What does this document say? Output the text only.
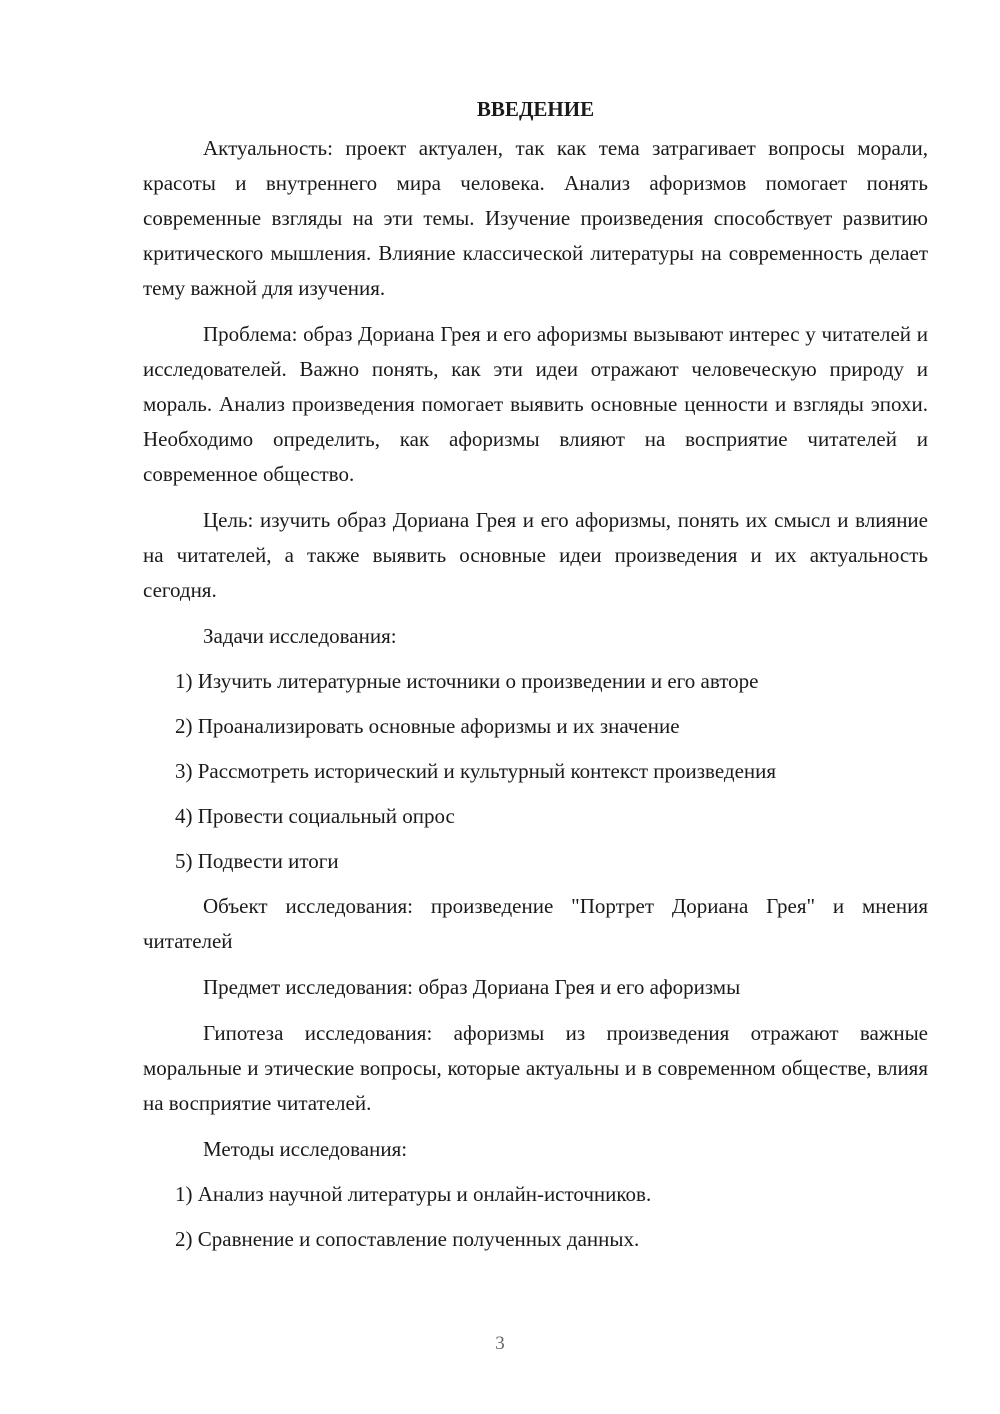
ВВЕДЕНИЕ

Актуальность: проект актуален, так как тема затрагивает вопросы морали, красоты и внутреннего мира человека. Анализ афоризмов помогает понять современные взгляды на эти темы. Изучение произведения способствует развитию критического мышления. Влияние классической литературы на современность делает тему важной для изучения.

Проблема: образ Дориана Грея и его афоризмы вызывают интерес у читателей и исследователей. Важно понять, как эти идеи отражают человеческую природу и мораль. Анализ произведения помогает выявить основные ценности и взгляды эпохи. Необходимо определить, как афоризмы влияют на восприятие читателей и современное общество.

Цель: изучить образ Дориана Грея и его афоризмы, понять их смысл и влияние на читателей, а также выявить основные идеи произведения и их актуальность сегодня.

Задачи исследования:

1) Изучить литературные источники о произведении и его авторе
2) Проанализировать основные афоризмы и их значение
3) Рассмотреть исторический и культурный контекст произведения
4) Провести социальный опрос
5) Подвести итоги

Объект исследования: произведение "Портрет Дориана Грея" и мнения читателей

Предмет исследования: образ Дориана Грея и его афоризмы

Гипотеза исследования: афоризмы из произведения отражают важные моральные и этические вопросы, которые актуальны и в современном обществе, влияя на восприятие читателей.

Методы исследования:

1) Анализ научной литературы и онлайн-источников.
2) Сравнение и сопоставление полученных данных.
3
